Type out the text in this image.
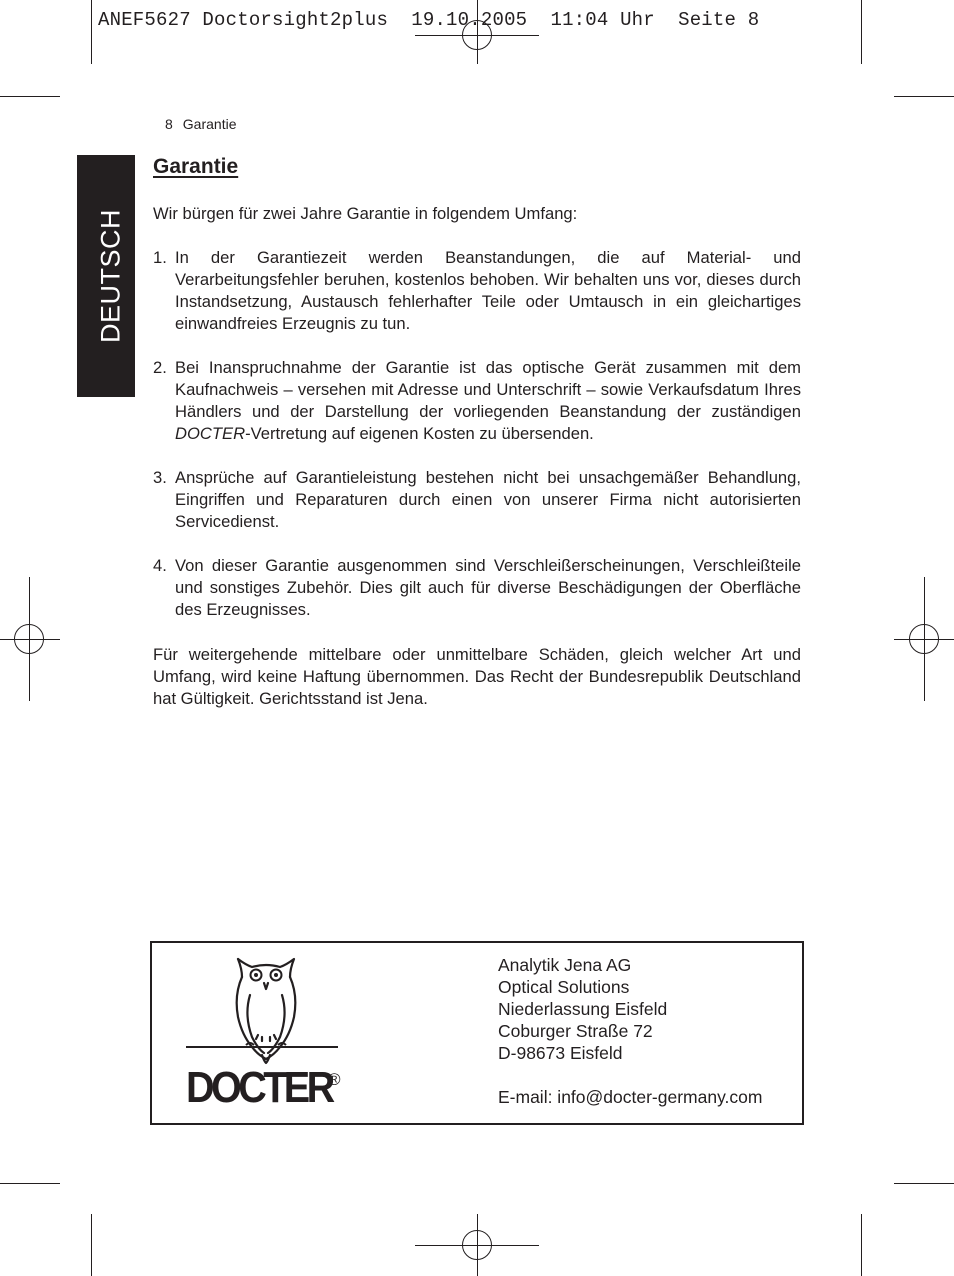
ANEF5627 Doctorsight2plus  19.10.2005  11:04 Uhr  Seite 8
DEUTSCH
8 Garantie
Garantie
Wir bürgen für zwei Jahre Garantie in folgendem Umfang:
1. In der Garantiezeit werden Beanstandungen, die auf Material- und Verarbeitungsfehler beruhen, kostenlos behoben. Wir behalten uns vor, dieses durch Instandsetzung, Austausch fehlerhafter Teile oder Umtausch in ein gleichartiges einwandfreies Erzeugnis zu tun.
2. Bei Inanspruchnahme der Garantie ist das optische Gerät zusammen mit dem Kaufnachweis – versehen mit Adresse und Unterschrift – sowie Verkaufsdatum Ihres Händlers und der Darstellung der vorliegenden Beanstandung der zuständigen DOCTER-Vertretung auf eigenen Kosten zu übersenden.
3. Ansprüche auf Garantieleistung bestehen nicht bei unsachgemäßer Behandlung, Eingriffen und Reparaturen durch einen von unserer Firma nicht autorisierten Servicedienst.
4. Von dieser Garantie ausgenommen sind Verschleißerscheinungen, Verschleißteile und sonstiges Zubehör. Dies gilt auch für diverse Beschädigungen der Oberfläche des Erzeugnisses.
Für weitergehende mittelbare oder unmittelbare Schäden, gleich welcher Art und Umfang, wird keine Haftung übernommen. Das Recht der Bundesrepublik Deutschland hat Gültigkeit. Gerichtsstand ist Jena.
DOCTER
®
Analytik Jena AG
Optical Solutions
Niederlassung Eisfeld
Coburger Straße 72
D-98673 Eisfeld
E-mail: info@docter-germany.com
